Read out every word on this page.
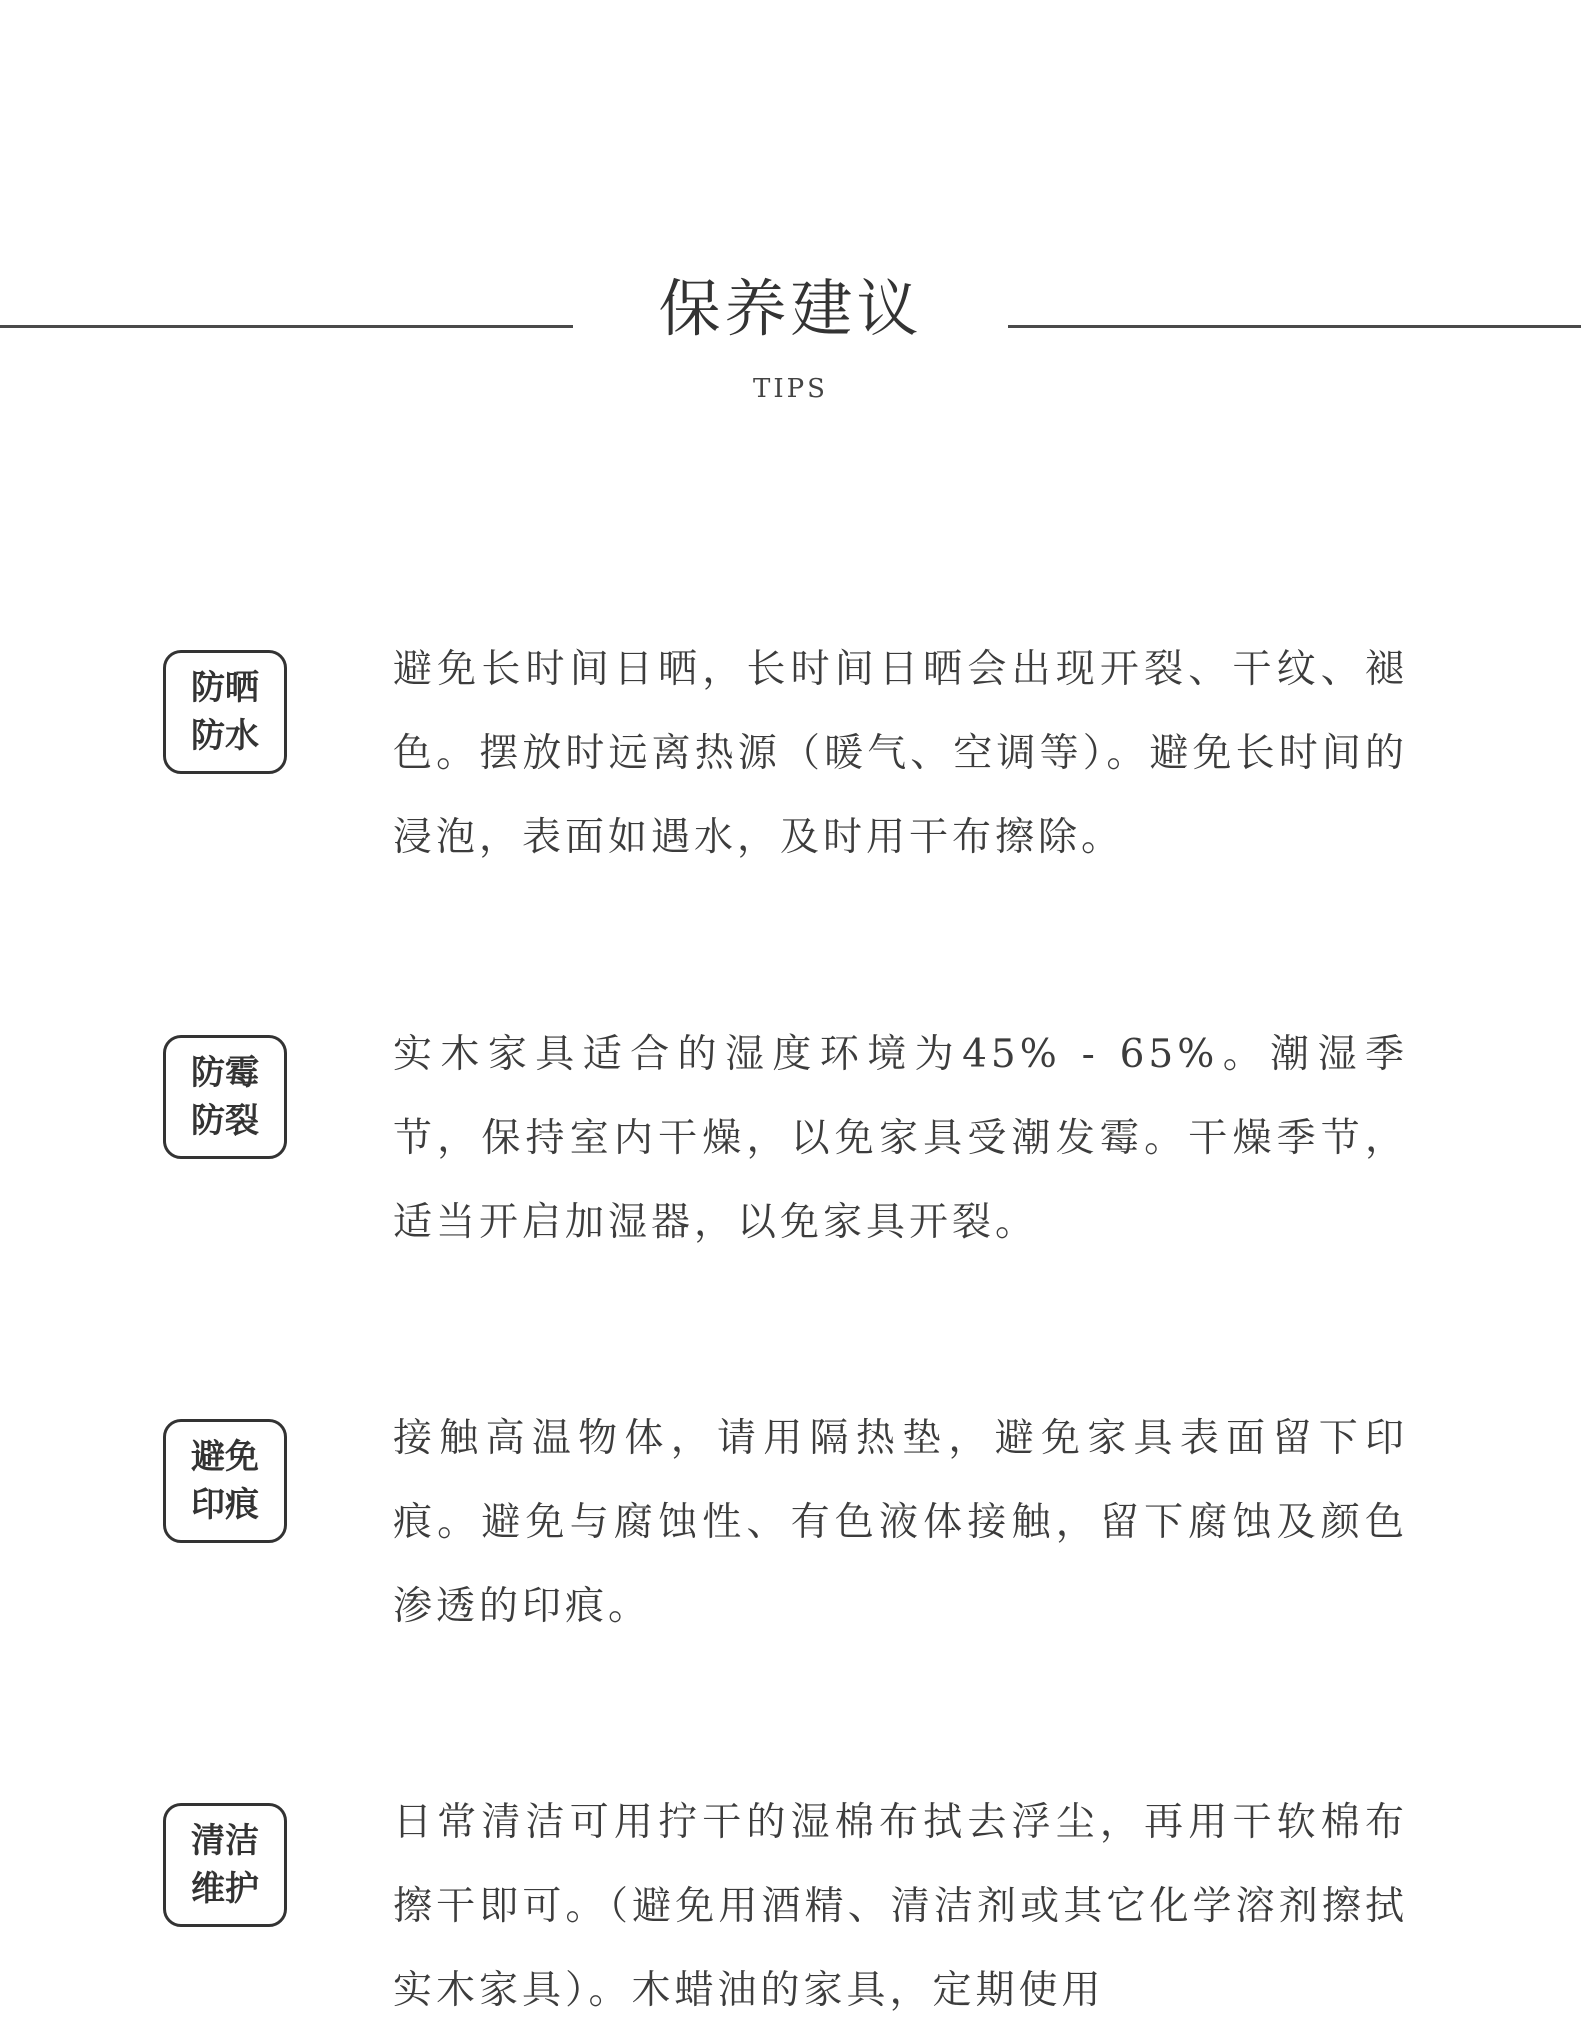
保养建议
TIPS
防晒
防水
避免长时间日晒，长时间日晒会出现开裂、干纹、褪色。摆放时远离热源（暖气、空调等）。避免长时间的浸泡，表面如遇水，及时用干布擦除。
防霉
防裂
实木家具适合的湿度环境为45% - 65%。潮湿季节，保持室内干燥，以免家具受潮发霉。干燥季节，适当开启加湿器，以免家具开裂。
避免
印痕
接触高温物体，请用隔热垫，避免家具表面留下印痕。避免与腐蚀性、有色液体接触，留下腐蚀及颜色渗透的印痕。
清洁
维护
日常清洁可用拧干的湿棉布拭去浮尘，再用干软棉布擦干即可。（避免用酒精、清洁剂或其它化学溶剂擦拭实木家具）。木蜡油的家具，定期使用
